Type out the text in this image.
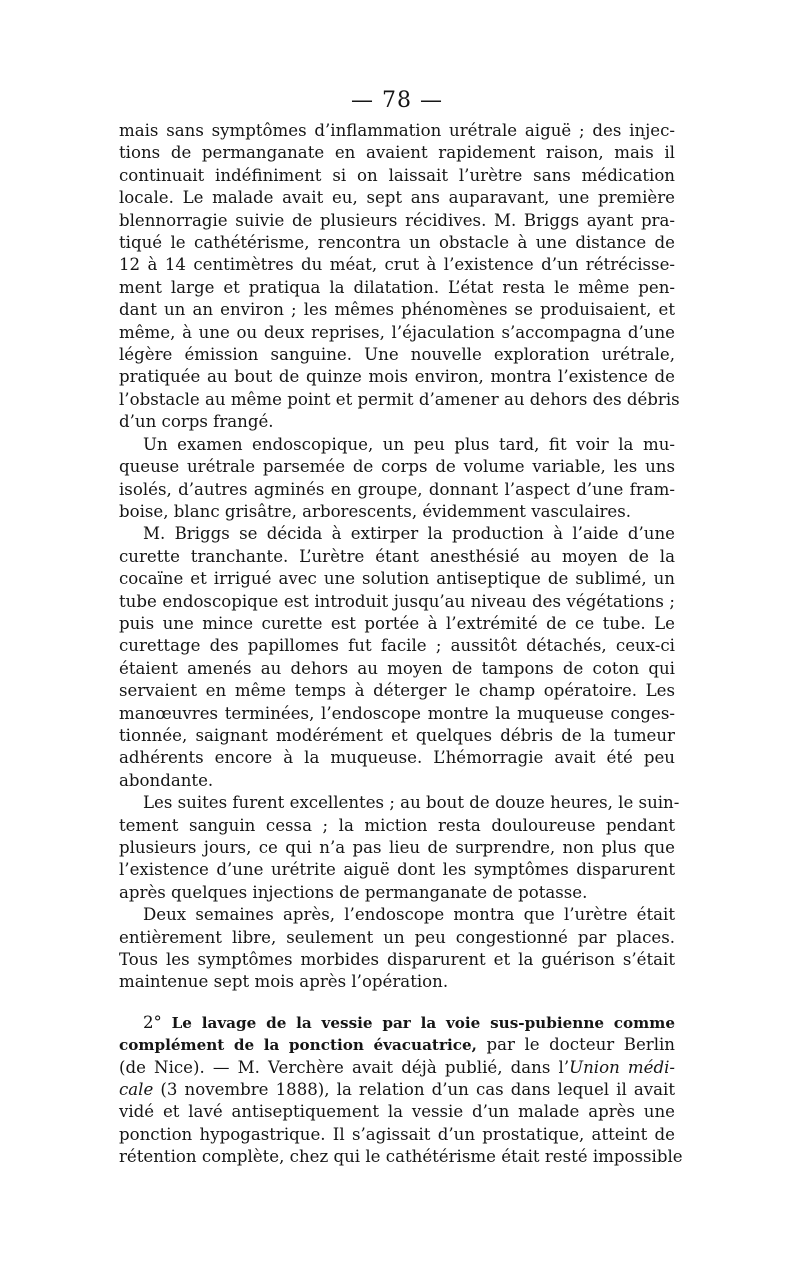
— 78 —
mais sans symptômes d’inflammation urétrale aiguë ; des injec-
tions de permanganate en avaient rapidement raison, mais il
continuait indéfiniment si on laissait l’urètre sans médication
locale. Le malade avait eu, sept ans auparavant, une première
blennorragie suivie de plusieurs récidives. M. Briggs ayant pra-
tiqué le cathétérisme, rencontra un obstacle à une distance de
12 à 14 centimètres du méat, crut à l’existence d’un rétrécisse-
ment large et pratiqua la dilatation. L’état resta le même pen-
dant un an environ ; les mêmes phénomènes se produisaient, et
même, à une ou deux reprises, l’éjaculation s’accompagna d’une
légère émission sanguine. Une nouvelle exploration urétrale,
pratiquée au bout de quinze mois environ, montra l’existence de
l’obstacle au même point et permit d’amener au dehors des débris
d’un corps frangé.
Un examen endoscopique, un peu plus tard, fit voir la mu-
queuse urétrale parsemée de corps de volume variable, les uns
isolés, d’autres agminés en groupe, donnant l’aspect d’une fram-
boise, blanc grisâtre, arborescents, évidemment vasculaires.
M. Briggs se décida à extirper la production à l’aide d’une
curette tranchante. L’urètre étant anesthésié au moyen de la
cocaïne et irrigué avec une solution antiseptique de sublimé, un
tube endoscopique est introduit jusqu’au niveau des végétations ;
puis une mince curette est portée à l’extrémité de ce tube. Le
curettage des papillomes fut facile ; aussitôt détachés, ceux-ci
étaient amenés au dehors au moyen de tampons de coton qui
servaient en même temps à déterger le champ opératoire. Les
manœuvres terminées, l’endoscope montre la muqueuse conges-
tionnée, saignant modérément et quelques débris de la tumeur
adhérents encore à la muqueuse. L’hémorragie avait été peu
abondante.
Les suites furent excellentes ; au bout de douze heures, le suin-
tement sanguin cessa ; la miction resta douloureuse pendant
plusieurs jours, ce qui n’a pas lieu de surprendre, non plus que
l’existence d’une urétrite aiguë dont les symptômes disparurent
après quelques injections de permanganate de potasse.
Deux semaines après, l’endoscope montra que l’urètre était
entièrement libre, seulement un peu congestionné par places.
Tous les symptômes morbides disparurent et la guérison s’était
maintenue sept mois après l’opération.
2° Le lavage de la vessie par la voie sus-pubienne comme
complément de la ponction évacuatrice, par le docteur Berlin
(de Nice). — M. Verchère avait déjà publié, dans l’Union médi-
cale (3 novembre 1888), la relation d’un cas dans lequel il avait
vidé et lavé antiseptiquement la vessie d’un malade après une
ponction hypogastrique. Il s’agissait d’un prostatique, atteint de
rétention complète, chez qui le cathétérisme était resté impossible
